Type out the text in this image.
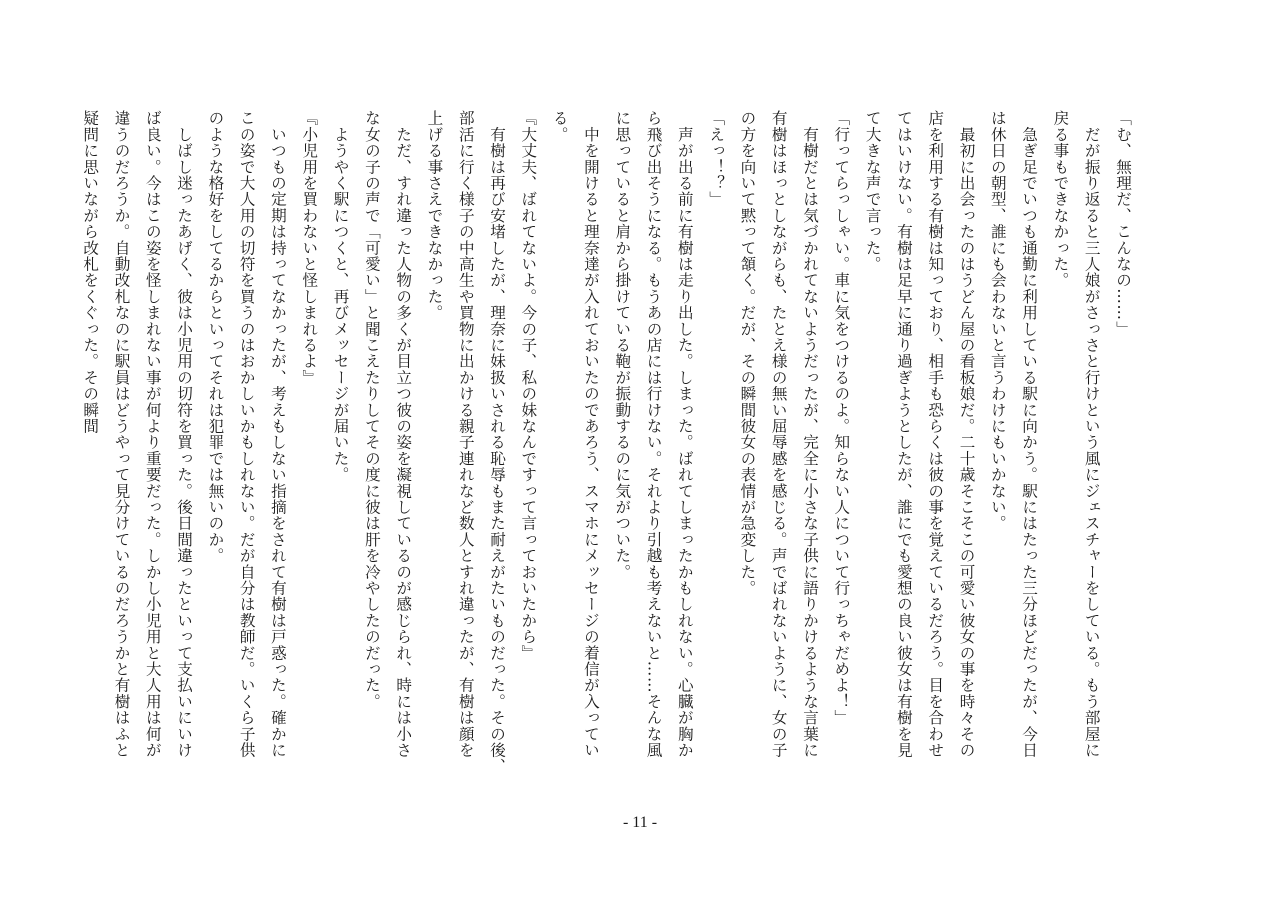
「む、無理だ、こんなの……」
　だが振り返ると三人娘がさっさと行けという風にジェスチャーをしている。もう部屋に
戻る事もできなかった。
　急ぎ足でいつも通勤に利用している駅に向かう。駅にはたった三分ほどだったが、今日
は休日の朝型、誰にも会わないと言うわけにもいかない。
　最初に出会ったのはうどん屋の看板娘だ。二十歳そこそこの可愛い彼女の事を時々その
店を利用する有樹は知っており、相手も恐らくは彼の事を覚えているだろう。目を合わせ
てはいけない。有樹は足早に通り過ぎようとしたが、誰にでも愛想の良い彼女は有樹を見
て大きな声で言った。
「行ってらっしゃい。車に気をつけるのよ。知らない人について行っちゃだめよ！」
　有樹だとは気づかれてないようだったが、完全に小さな子供に語りかけるような言葉に
有樹はほっとしながらも、たとえ様の無い屈辱感を感じる。声でばれないように、女の子
の方を向いて黙って頷く。だが、その瞬間彼女の表情が急変した。
「えっ！？」
　声が出る前に有樹は走り出した。しまった。ばれてしまったかもしれない。心臓が胸か
ら飛び出そうになる。もうあの店には行けない。それより引越も考えないと……そんな風
に思っていると肩から掛けている鞄が振動するのに気がついた。
　中を開けると理奈達が入れておいたのであろう、スマホにメッセージの着信が入ってい
る。
『大丈夫、ばれてないよ。今の子、私の妹なんですって言っておいたから』
　有樹は再び安堵したが、理奈に妹扱いされる恥辱もまた耐えがたいものだった。その後、
部活に行く様子の中高生や買物に出かける親子連れなど数人とすれ違ったが、有樹は顔を
上げる事さえできなかった。
　ただ、すれ違った人物の多くが目立つ彼の姿を凝視しているのが感じられ、時には小さ
な女の子の声で「可愛い」と聞こえたりしてその度に彼は肝を冷やしたのだった。
　ようやく駅につくと、再びメッセージが届いた。
『小児用を買わないと怪しまれるよ』
　いつもの定期は持ってなかったが、考えもしない指摘をされて有樹は戸惑った。確かに
この姿で大人用の切符を買うのはおかしいかもしれない。だが自分は教師だ。いくら子供
のような格好をしてるからといってそれは犯罪では無いのか。
　しばし迷ったあげく、彼は小児用の切符を買った。後日間違ったといって支払いにいけ
ば良い。今はこの姿を怪しまれない事が何より重要だった。しかし小児用と大人用は何が
違うのだろうか。自動改札なのに駅員はどうやって見分けているのだろうかと有樹はふと
疑問に思いながら改札をくぐった。その瞬間
- 11 -
